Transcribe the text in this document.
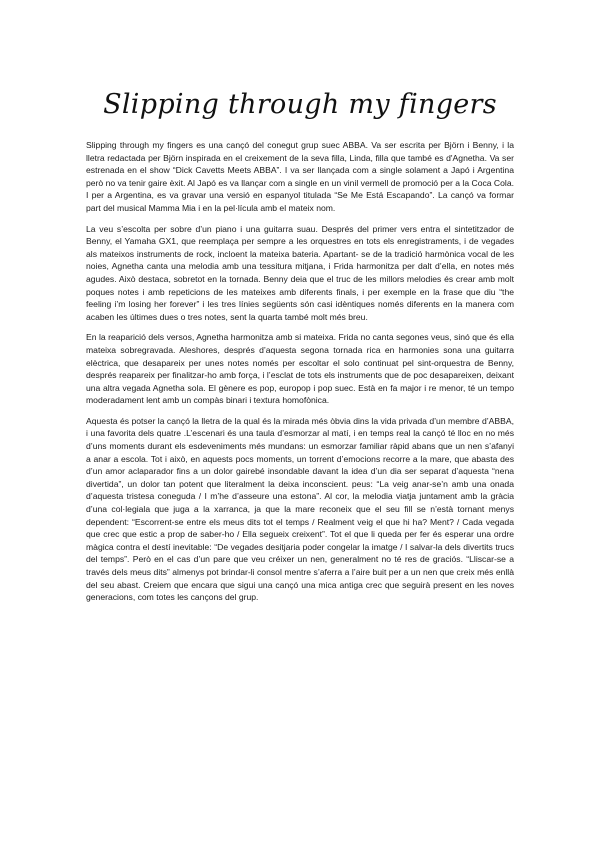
Slipping through my fingers

Slipping through my fingers es una cançó del conegut grup suec ABBA. Va ser escrita per Björn i Benny, i la lletra redactada per Björn inspirada en el creixement de la seva filla, Linda, filla que també es d'Agnetha. Va ser estrenada en el show “Dick Cavetts Meets ABBA”. I va ser llançada com a single solament a Japó i Argentina però no va tenir gaire èxit. Al Japó es va llançar com a single en un vinil vermell de promoció per a la Coca Cola. I per a Argentina, es va gravar una versió en espanyol titulada “Se Me Está Escapando”. La cançó va formar part del musical Mamma Mia i en la pel·lícula amb el mateix nom.

La veu s’escolta per sobre d’un piano i una guitarra suau. Després del primer vers entra el sintetitzador de Benny, el Yamaha GX1, que reemplaça per sempre a les orquestres en tots els enregistraments, i de vegades als mateixos instruments de rock, incloent la mateixa bateria. Apartant- se de la tradició harmònica vocal de les noies, Agnetha canta una melodia amb una tessitura mitjana, i Frida harmonitza per dalt d’ella, en notes més agudes. Això destaca, sobretot en la tornada. Benny deia que el truc de les millors melodies és crear amb molt poques notes i amb repeticions de les mateixes amb diferents finals, i per exemple en la frase que diu “the feeling i’m losing her forever” i les tres línies següents són casi idèntiques només diferents en la manera com acaben les últimes dues o tres notes, sent la quarta també molt més breu.

En la reaparició dels versos, Agnetha harmonitza amb si mateixa. Frida no canta segones veus, sinó que és ella mateixa sobregravada. Aleshores, després d’aquesta segona tornada rica en harmonies sona una guitarra elèctrica, que desapareix per unes notes només per escoltar el solo continuat pel sint-orquestra de Benny, després reapareix per finalitzar-ho amb força, i l’esclat de tots els instruments que de poc desapareixen, deixant una altra vegada Agnetha sola. El gènere es pop, europop i pop suec. Està en fa major i re menor, té un tempo moderadament lent amb un compàs binari i textura homofònica.

Aquesta és potser la cançó la lletra de la qual és la mirada més òbvia dins la vida privada d’un membre d’ABBA, i una favorita dels quatre .L’escenari és una taula d’esmorzar al matí, i en temps real la cançó té lloc en no més d’uns moments durant els esdeveniments més mundans: un esmorzar familiar ràpid abans que un nen s’afanyi a anar a escola. Tot i això, en aquests pocs moments, un torrent d’emocions recorre a la mare, que abasta des d’un amor aclaparador fins a un dolor gairebé insondable davant la idea d’un dia ser separat d’aquesta “nena divertida”, un dolor tan potent que literalment la deixa inconscient. peus: “La veig anar-se’n amb una onada d’aquesta tristesa coneguda / I m’he d’asseure una estona”. Al cor, la melodia viatja juntament amb la gràcia d’una col·legiala que juga a la xarranca, ja que la mare reconeix que el seu fill se n’està tornant menys dependent: “Escorrent-se entre els meus dits tot el temps / Realment veig el que hi ha? Ment? / Cada vegada que crec que estic a prop de saber-ho / Ella segueix creixent”. Tot el que li queda per fer és esperar una ordre màgica contra el destí inevitable: “De vegades desitjaria poder congelar la imatge / I salvar-la dels divertits trucs del temps”. Però en el cas d’un pare que veu créixer un nen, generalment no té res de graciós. “Lliscar-se a través dels meus dits” almenys pot brindar-li consol mentre s’aferra a l’aire buit per a un nen que creix més enllà del seu abast. Creiem que encara que sigui una cançó una mica antiga crec que seguirà present en les noves generacions, com totes les cançons del grup.
